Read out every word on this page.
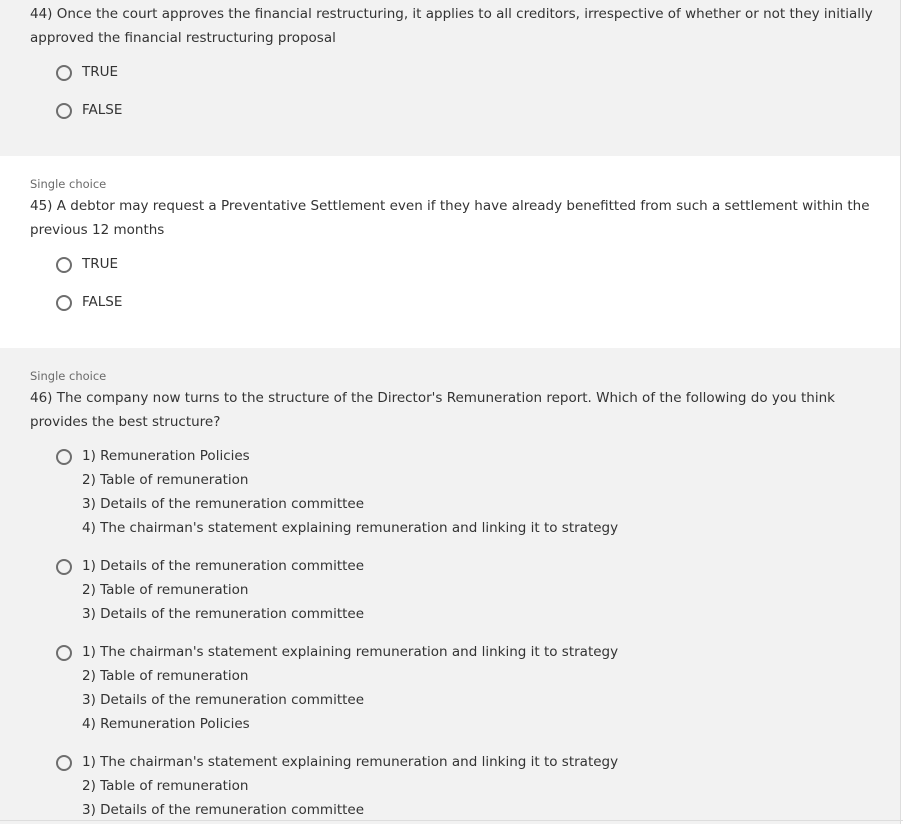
44) Once the court approves the financial restructuring, it applies to all creditors, irrespective of whether or not they initially approved the financial restructuring proposal
TRUE
FALSE
Single choice
45) A debtor may request a Preventative Settlement even if they have already benefitted from such a settlement within the previous 12 months
TRUE
FALSE
Single choice
46) The company now turns to the structure of the Director's Remuneration report. Which of the following do you think provides the best structure?
1) Remuneration Policies
2) Table of remuneration
3) Details of the remuneration committee
4) The chairman's statement explaining remuneration and linking it to strategy
1) Details of the remuneration committee
2) Table of remuneration
3) Details of the remuneration committee
1) The chairman's statement explaining remuneration and linking it to strategy
2) Table of remuneration
3) Details of the remuneration committee
4) Remuneration Policies
1) The chairman's statement explaining remuneration and linking it to strategy
2) Table of remuneration
3) Details of the remuneration committee
